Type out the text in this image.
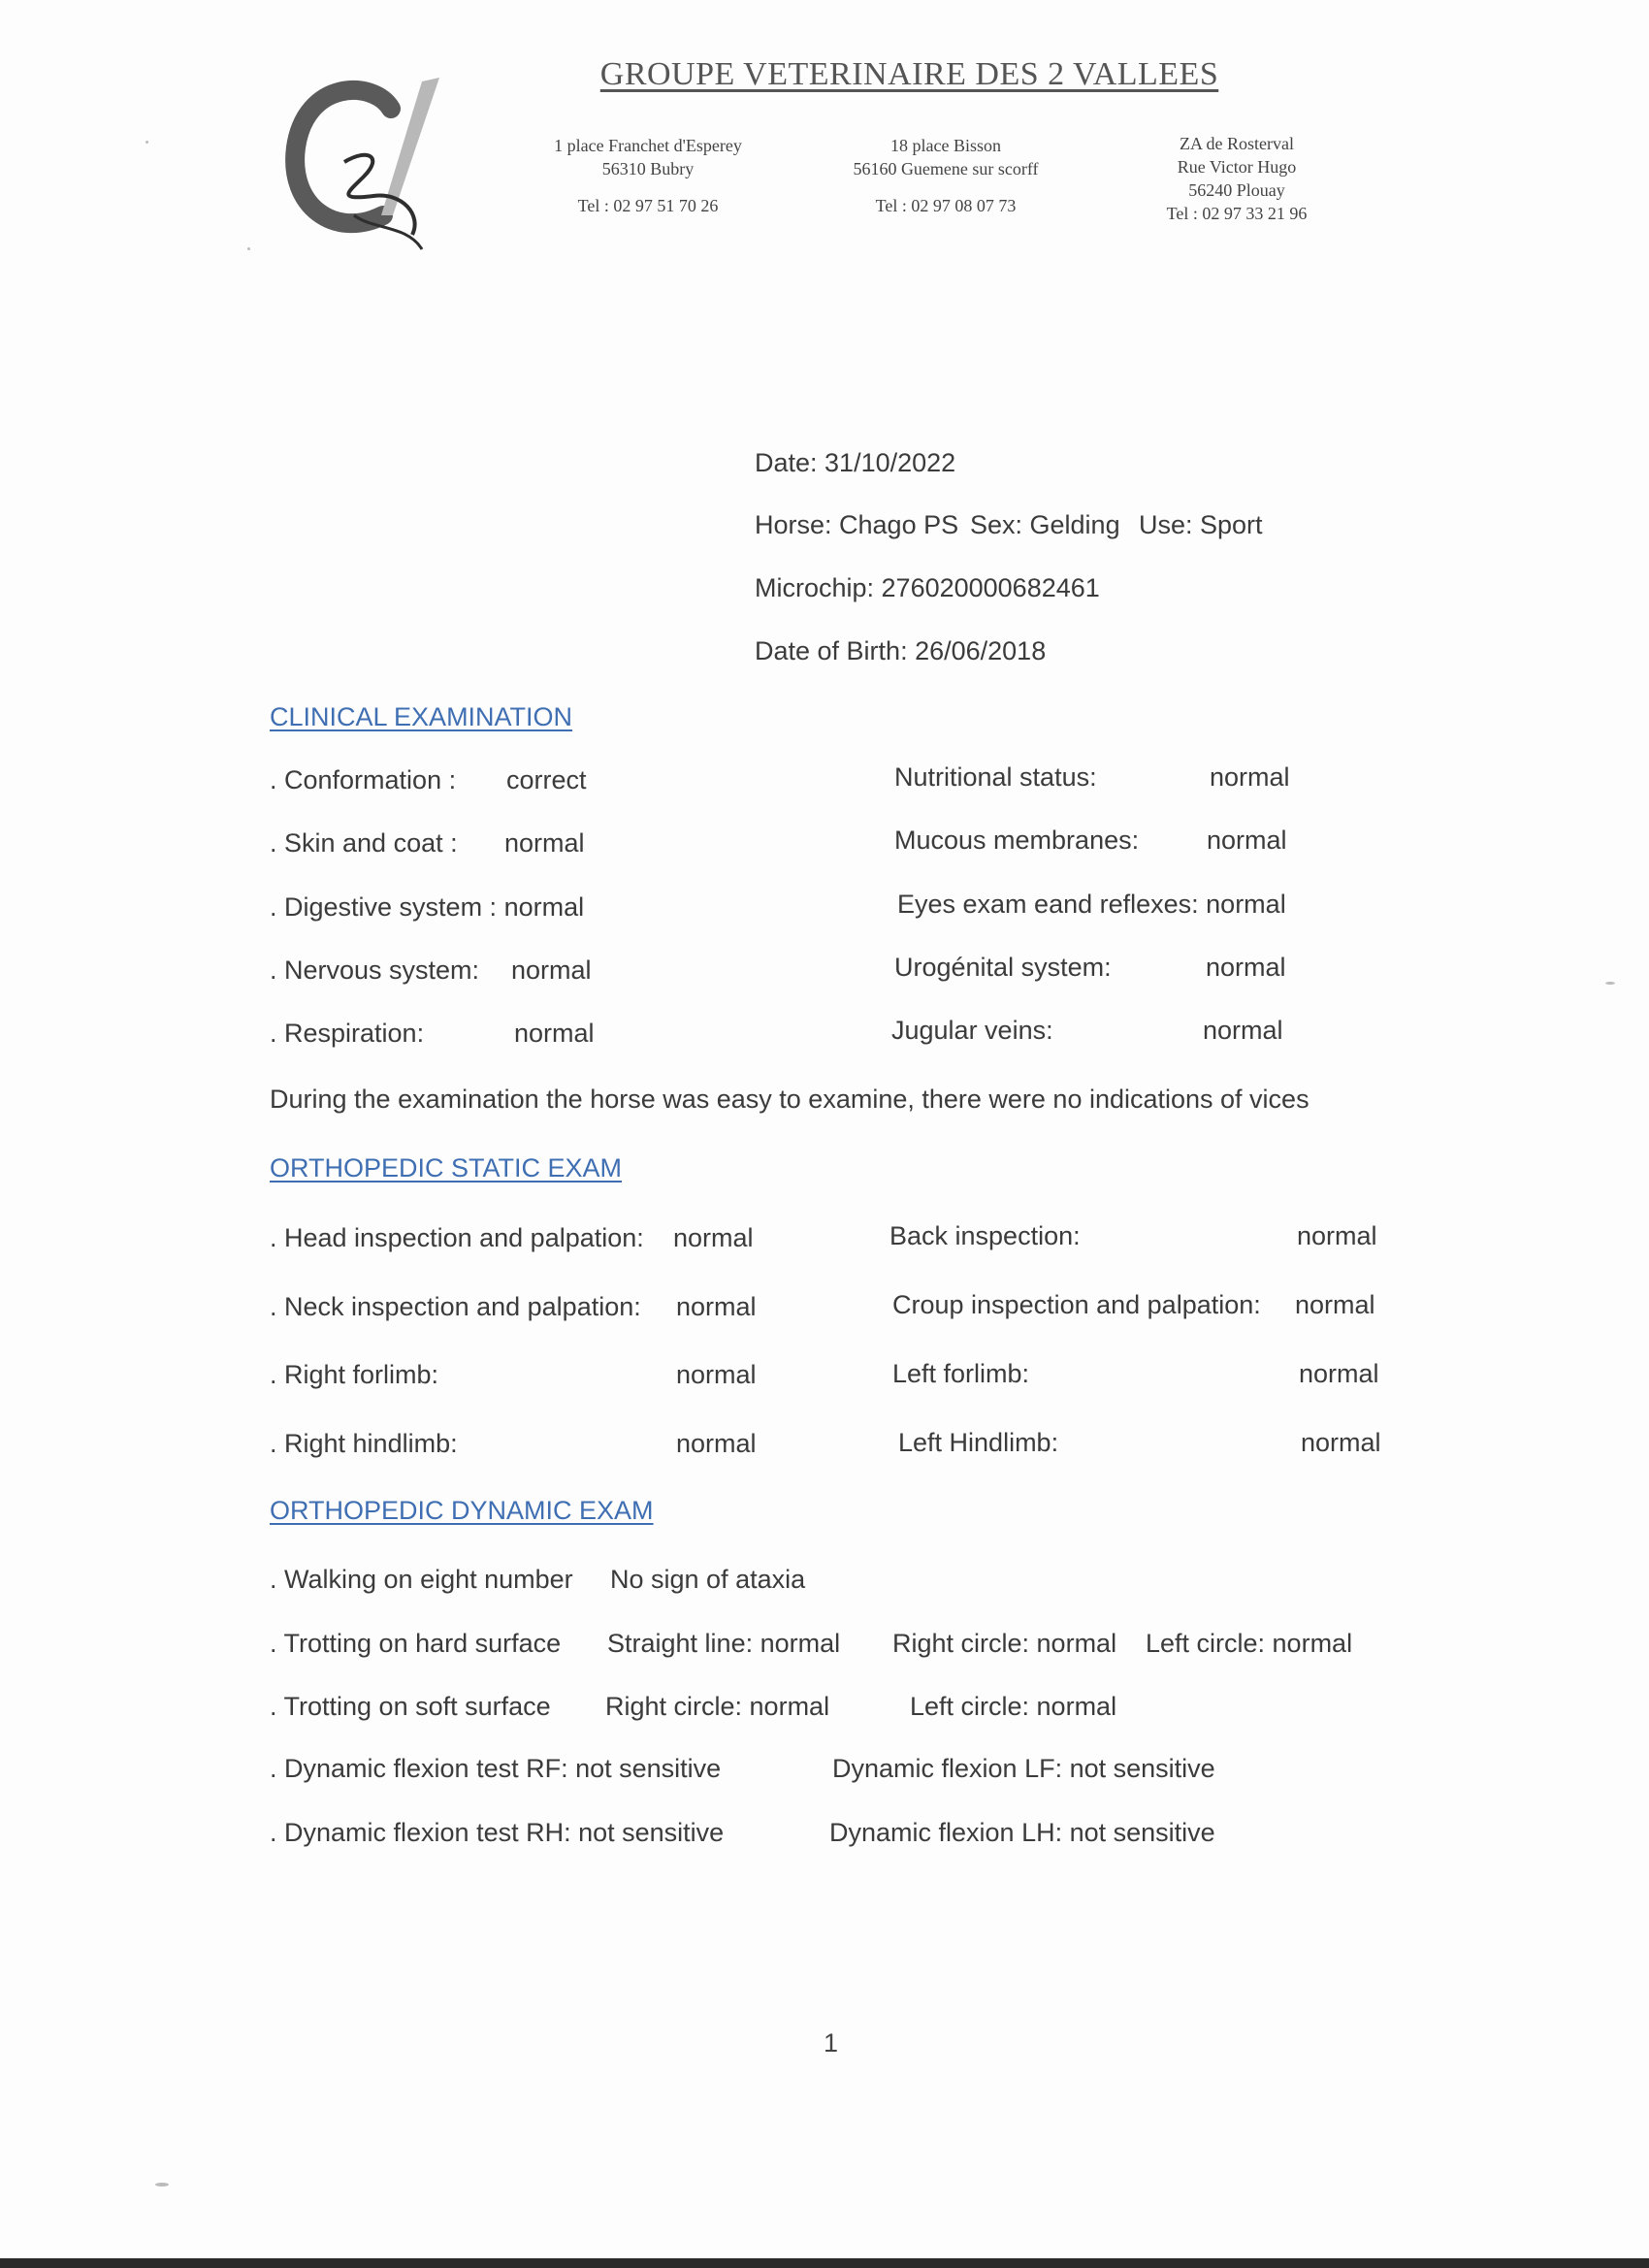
GROUPE VETERINAIRE DES 2 VALLEES
1 place Franchet d'Esperey
56310 Bubry
Tel : 02 97 51 70 26
18 place Bisson
56160 Guemene sur scorff
Tel : 02 97 08 07 73
ZA de Rosterval
Rue Victor Hugo
56240 Plouay
Tel : 02 97 33 21 96
Date: 31/10/2022
Horse: Chago PS Sex: Gelding Use: Sport
Microchip: 276020000682461
Date of Birth: 26/06/2018
CLINICAL EXAMINATION
. Conformation : correct	Nutritional status:	normal
. Skin and coat : normal	Mucous membranes:	normal
. Digestive system : normal	Eyes exam eand reflexes: normal
. Nervous system: normal	Urogénital system:	normal
. Respiration:	normal	Jugular veins:	normal
During the examination the horse was easy to examine, there were no indications of vices
ORTHOPEDIC STATIC EXAM
. Head inspection and palpation: normal	Back inspection:	normal
. Neck inspection and palpation: normal	Croup inspection and palpation: normal
. Right forlimb:	normal	Left forlimb:	normal
. Right hindlimb:	normal	Left Hindlimb:	normal
ORTHOPEDIC DYNAMIC EXAM
. Walking on eight number No sign of ataxia
. Trotting on hard surface Straight line: normal Right circle: normal Left circle: normal
. Trotting on soft surface Right circle: normal	Left circle: normal
. Dynamic flexion test RF: not sensitive	Dynamic flexion LF: not sensitive
. Dynamic flexion test RH: not sensitive	Dynamic flexion LH: not sensitive
1
